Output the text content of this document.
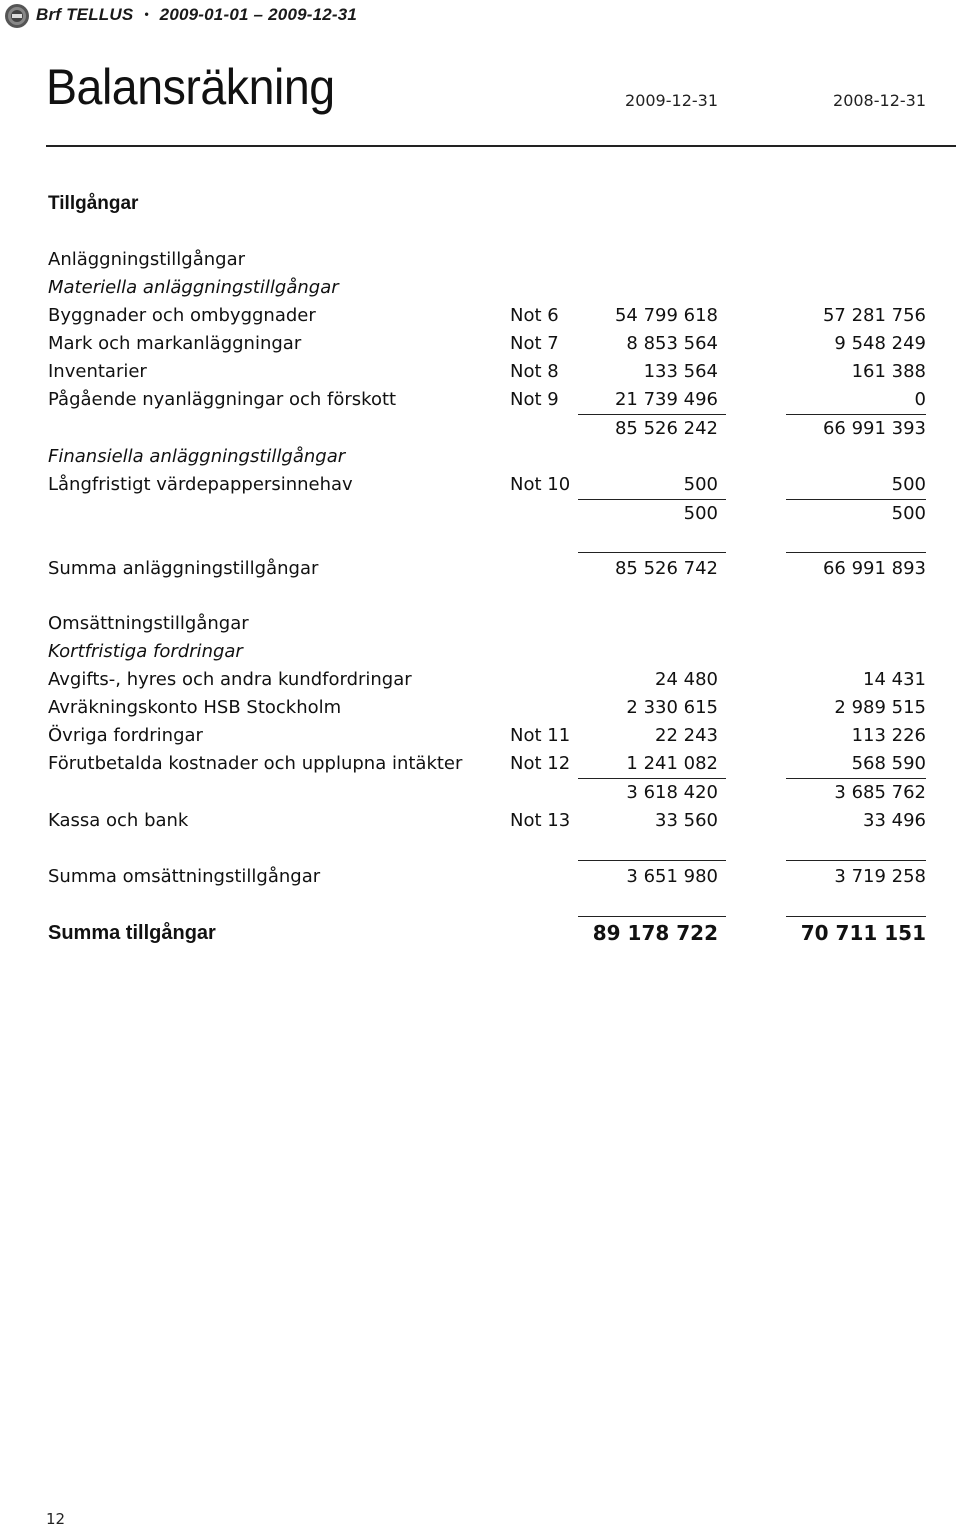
Brf TELLUS • 2009-01-01 – 2009-12-31
Balansräkning	2009-12-31	2008-12-31
Tillgångar
Anläggningstillgångar
Materiella anläggningstillgångar
Byggnader och ombyggnader	Not 6	54 799 618	57 281 756
Mark och markanläggningar	Not 7	8 853 564	9 548 249
Inventarier	Not 8	133 564	161 388
Pågående nyanläggningar och förskott	Not 9	21 739 496	0
85 526 242	66 991 393
Finansiella anläggningstillgångar
Långfristigt värdepappersinnehav	Not 10	500	500
500	500
Summa anläggningstillgångar	85 526 742	66 991 893
Omsättningstillgångar
Kortfristiga fordringar
Avgifts-, hyres och andra kundfordringar	24 480	14 431
Avräkningskonto HSB Stockholm	2 330 615	2 989 515
Övriga fordringar	Not 11	22 243	113 226
Förutbetalda kostnader och upplupna intäkter	Not 12	1 241 082	568 590
3 618 420	3 685 762
Kassa och bank	Not 13	33 560	33 496
Summa omsättningstillgångar	3 651 980	3 719 258
Summa tillgångar	89 178 722	70 711 151
12
